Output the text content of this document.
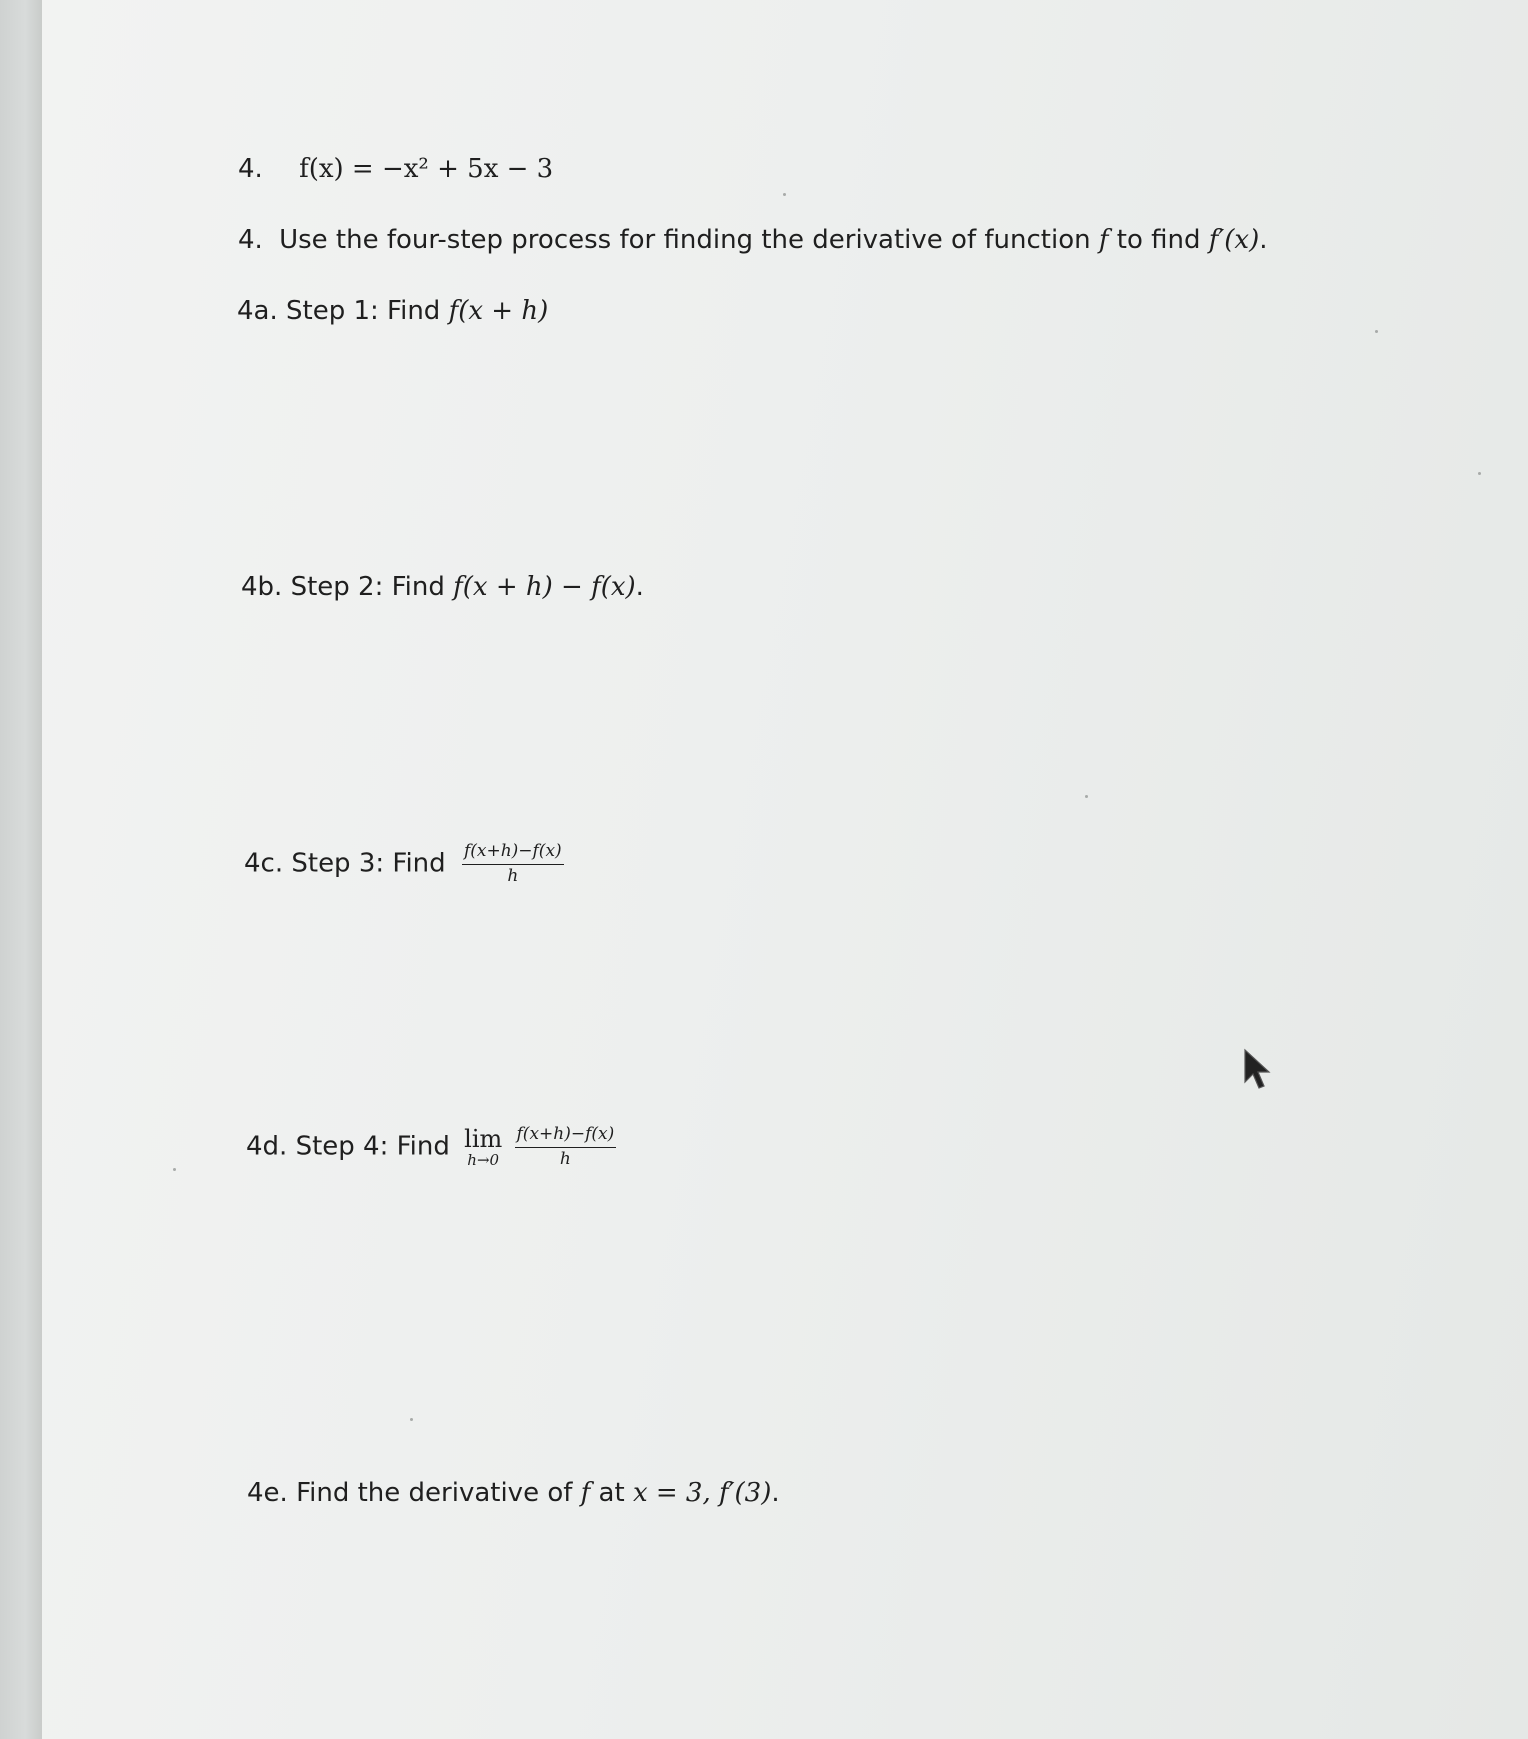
4. f(x) = −x² + 5x − 3
4. Use the four-step process for finding the derivative of function f to find f′(x).
4a. Step 1: Find f(x + h)
4b. Step 2: Find f(x + h) − f(x).
4c. Step 3: Find $\frac{f(x+h)-f(x)}{h}$
4d. Step 4: Find lim
h→0
$\frac{f(x+h)-f(x)}{h}$
4e. Find the derivative of f at x = 3, f′(3).
